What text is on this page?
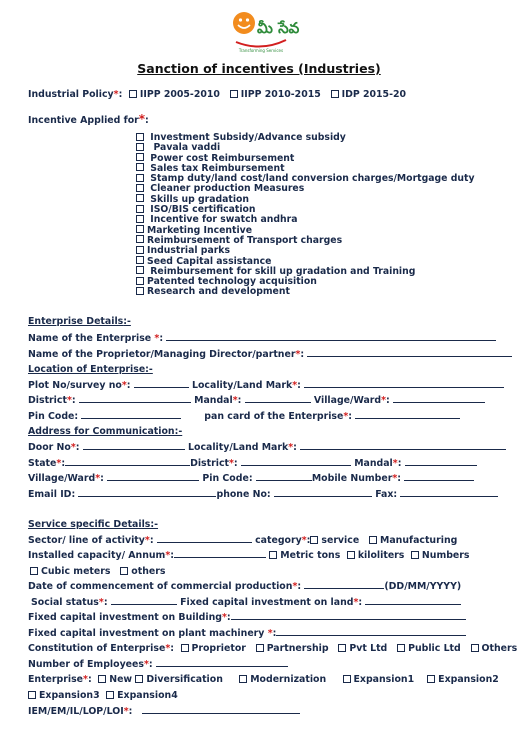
మీ సేవ
Transforming Services
Sanction of incentives (Industries)
Industrial Policy*:  IIPP 2005-2010 IIPP 2010-2015 IDP 2015-20
Incentive Applied for*:
Investment Subsidy/Advance subsidy
Pavala vaddi
Power cost Reimbursement
Sales tax Reimbursement
Stamp duty/land cost/land conversion charges/Mortgage duty
Cleaner production Measures
Skills up gradation
ISO/BIS certification
Incentive for swatch andhra
Marketing Incentive
Reimbursement of Transport charges
Industrial parks
Seed Capital assistance
Reimbursement for skill up gradation and Training
Patented technology acquisition
Research and development
Enterprise Details:-
Name of the Enterprise *:
Name of the Proprietor/Managing Director/partner*:
Location of Enterprise:-
Plot No/survey no*:	Locality/Land Mark*:
District*:	Mandal*:	Village/Ward*:
Pin Code:	pan card of the Enterprise*:
Address for Communication:-
Door No*:	Locality/Land Mark*:
State*:	District*:	Mandal*:
Village/Ward*:	Pin Code:	Mobile Number*:
Email ID:	phone No:	Fax:
Service specific Details:-
Sector/ line of activity*:	category*: service Manufacturing
Installed capacity/ Annum*:	Metric tons kiloliters Numbers
Cubic meters others
Date of commencement of commercial production*:	(DD/MM/YYYY)
Social status*:	Fixed capital investment on land*:
Fixed capital investment on Building*:
Fixed capital investment on plant machinery *:
Constitution of Enterprise*:  Proprietor Partnership Pvt Ltd Public Ltd Others
Number of Employees*:
Enterprise*:  New Diversification	Modernization	Expansion1	Expansion2
Expansion3 Expansion4
IEM/EM/IL/LOP/LOI*:
